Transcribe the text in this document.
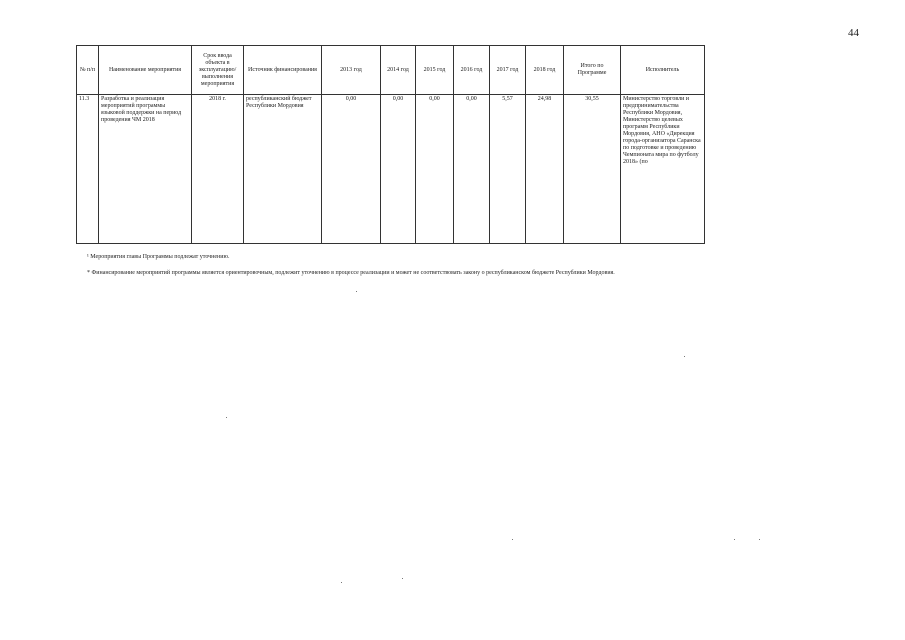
44
№ п/п	Наименование мероприятия	Срок ввода объекта в эксплуатацию/ выполнения мероприятия	Источник финансирования	2013 год	2014 год	2015 год	2016 год	2017 год	2018 год	Итого по Программе	Исполнитель
11.3	Разработка и реализация мероприятий программы языковой поддержки на период проведения ЧМ 2018	2018 г.	республиканский бюджет Республики Мордовия	0,00	0,00	0,00	0,00	5,57	24,98	30,55	Министерство торговли и предпринимательства Республики Мордовия, Министерство целевых программ Республики Мордовия, АНО «Дирекция города-организатора Саранска по подготовке и проведению Чемпионата мира по футболу 2018» (по
¹ Мероприятия главы Программы подлежат уточнению.
* Финансирование мероприятий программы является ориентировочным, подлежит уточнению в процессе реализации и может не соответствовать закону о республиканском бюджете Республики Мордовия.
